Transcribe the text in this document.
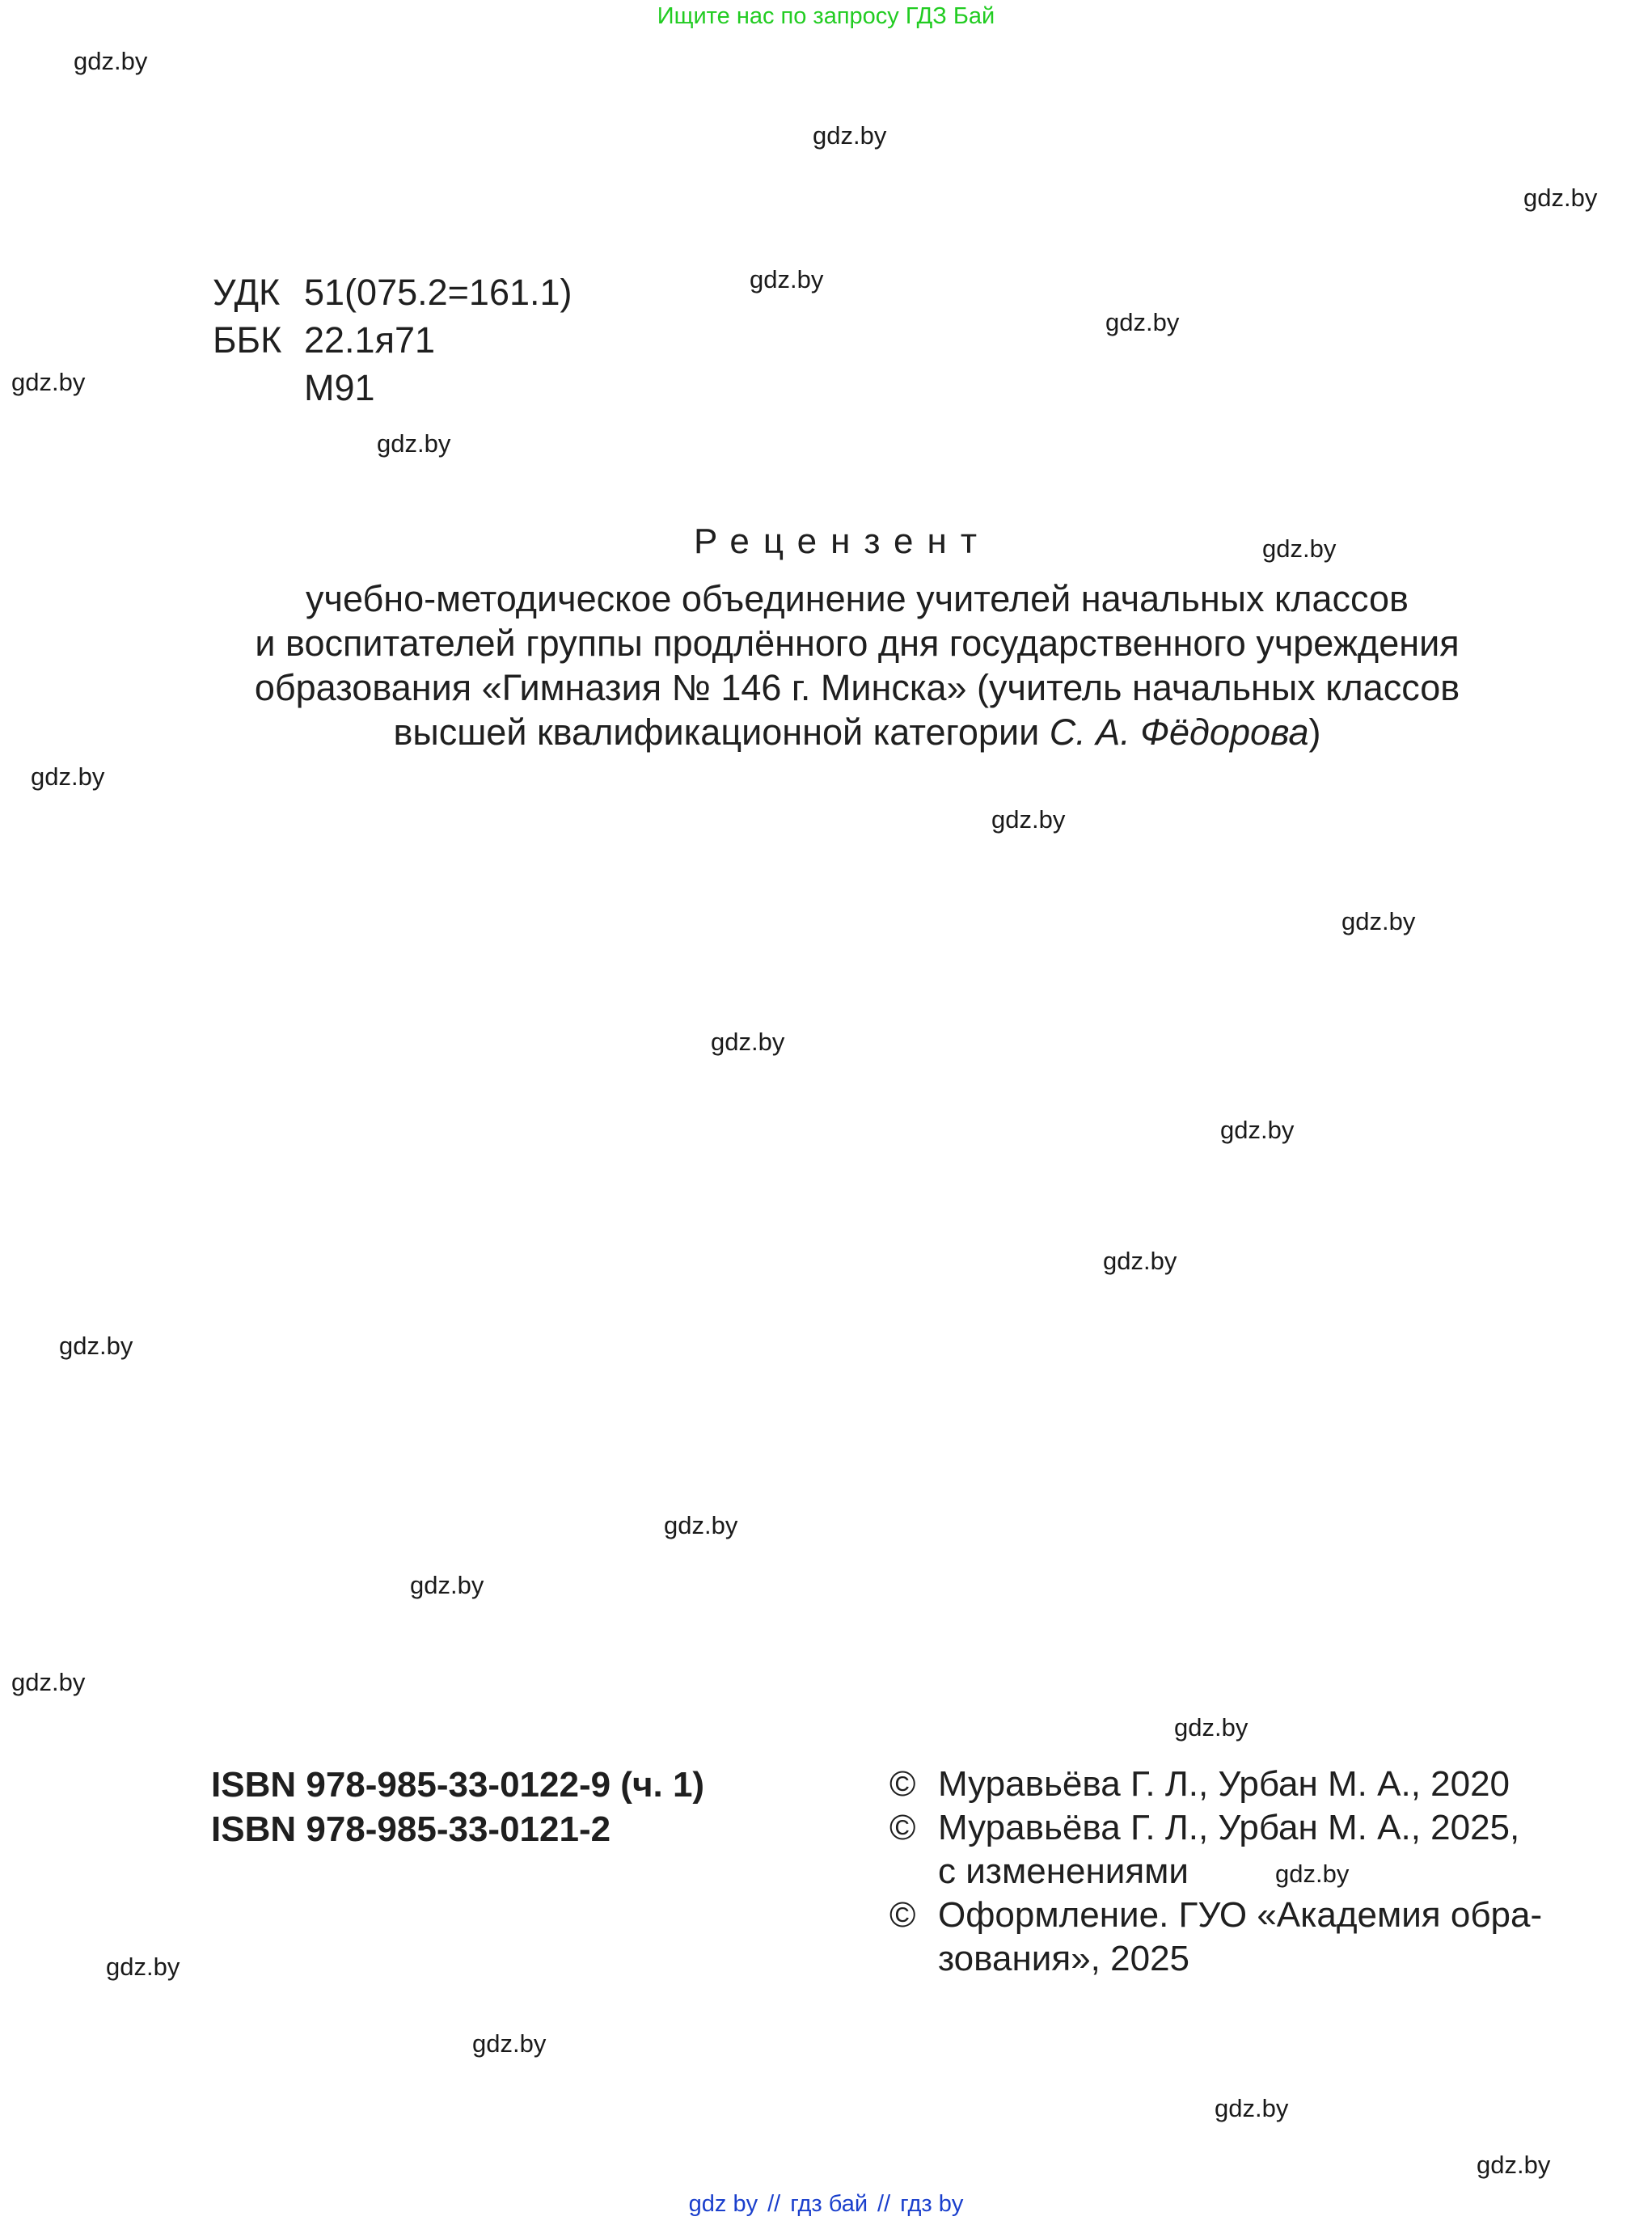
Ищите нас по запросу ГДЗ Бай
gdz.by
gdz.by
gdz.by
gdz.by
gdz.by
gdz.by
gdz.by
gdz.by
gdz.by
gdz.by
gdz.by
gdz.by
gdz.by
gdz.by
gdz.by
gdz.by
gdz.by
gdz.by
gdz.by
gdz.by
gdz.by
gdz.by
gdz.by
gdz.by
УДК 51(075.2=161.1)
ББК 22.1я71
М91
Рецензент
учебно-методическое объединение учителей начальных классов
и воспитателей группы продлённого дня государственного учреждения
образования «Гимназия № 146 г. Минска» (учитель начальных классов
высшей квалификационной категории С. А. Фёдорова)
ISBN 978-985-33-0122-9 (ч. 1)
ISBN 978-985-33-0121-2
© Муравьёва Г. Л., Урбан М. А., 2020
© Муравьёва Г. Л., Урбан М. А., 2025,
с изменениями
© Оформление. ГУО «Академия обра-
зования», 2025
gdz by // гдз бай // гдз by
